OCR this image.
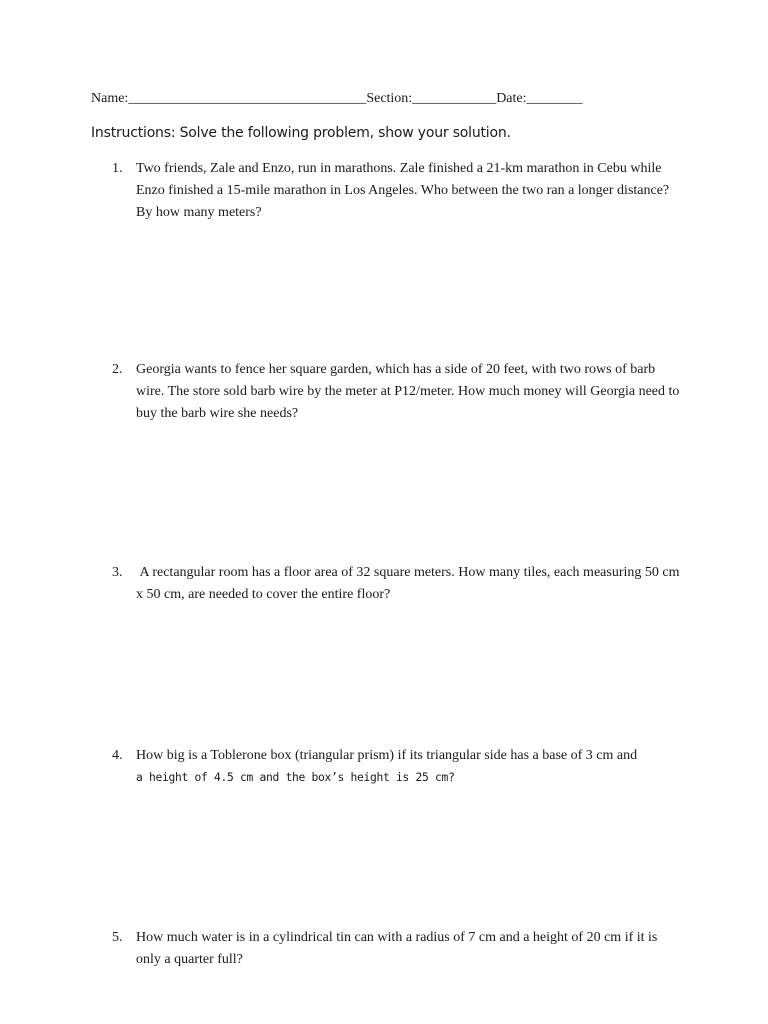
Name:__________________________________Section:____________Date:________
Instructions: Solve the following problem, show your solution.
1. Two friends, Zale and Enzo, run in marathons. Zale finished a 21-km marathon in Cebu while Enzo finished a 15-mile marathon in Los Angeles. Who between the two ran a longer distance? By how many meters?
2. Georgia wants to fence her square garden, which has a side of 20 feet, with two rows of barb wire. The store sold barb wire by the meter at P12/meter. How much money will Georgia need to buy the barb wire she needs?
3. A rectangular room has a floor area of 32 square meters. How many tiles, each measuring 50 cm x 50 cm, are needed to cover the entire floor?
4. How big is a Toblerone box (triangular prism) if its triangular side has a base of 3 cm and
a height of 4.5 cm and the box’s height is 25 cm?
5. How much water is in a cylindrical tin can with a radius of 7 cm and a height of 20 cm if it is only a quarter full?
